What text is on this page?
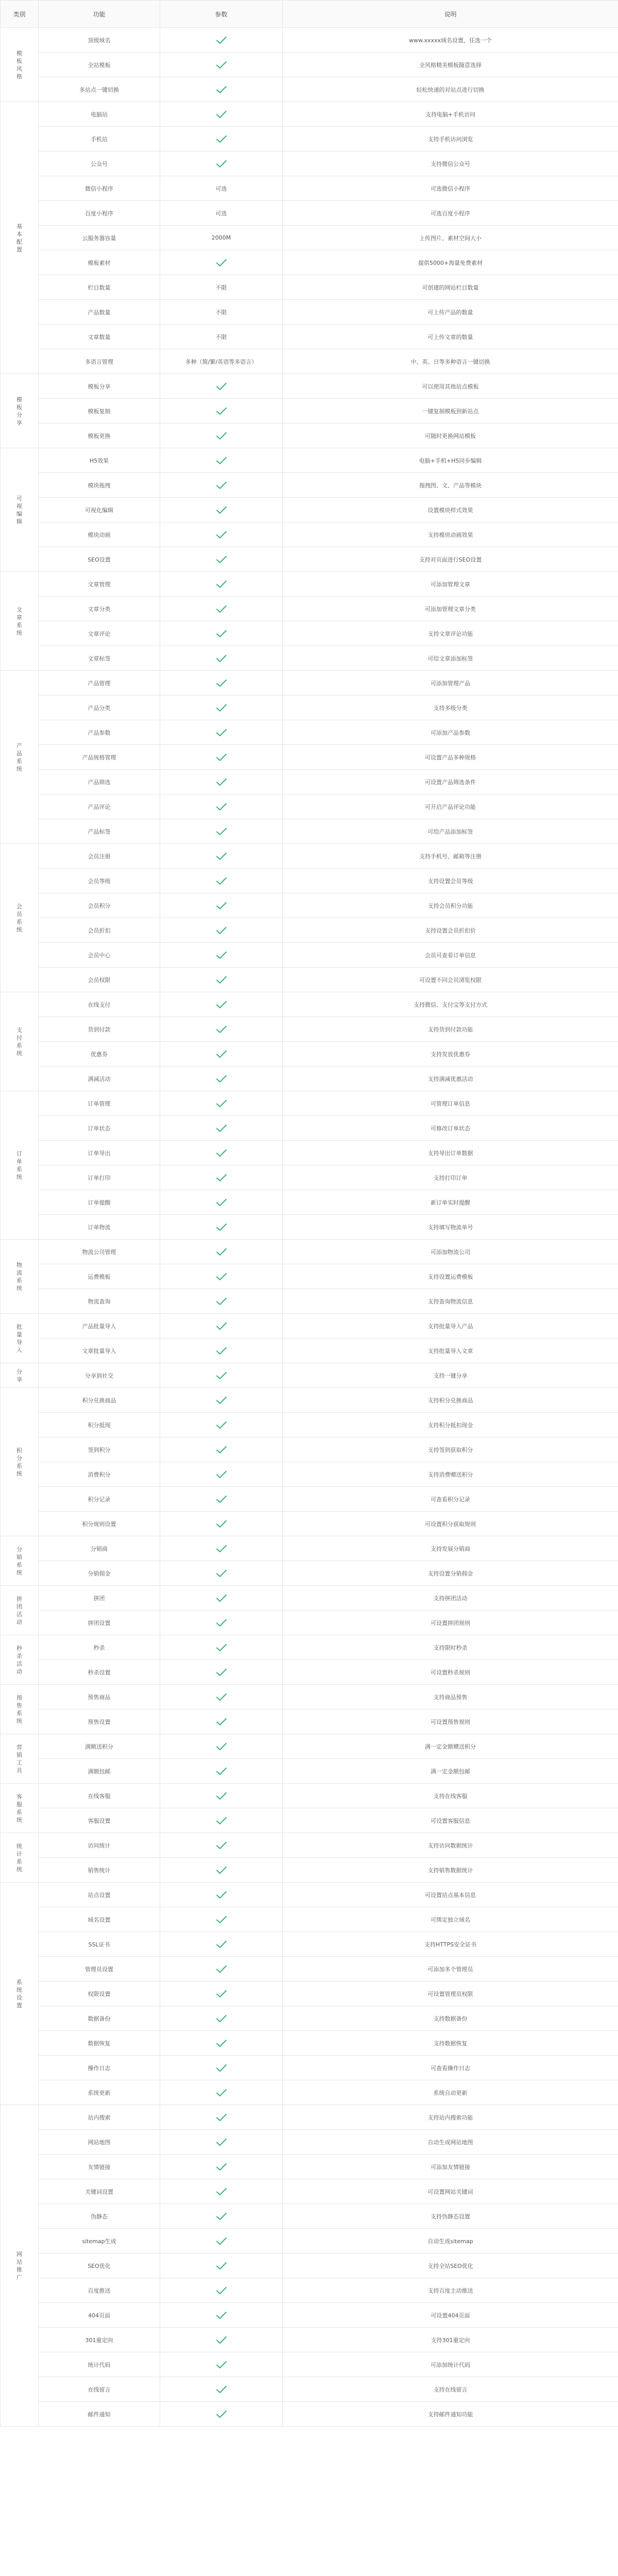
类别	功能	参数	说明
模板风格	顶级域名		www.xxxxx域名设置，任选一个
	全站模板		全风格精美模板随意选择
	多站点一键切换		轻松快速的对站点进行切换
基本配置	电脑站		支持电脑+手机访问
	手机站		支持手机访问浏览
	公众号		支持微信公众号
	微信小程序	可选	可选微信小程序
	百度小程序	可选	可选百度小程序
	云服务器容量	2000M	上传图片、素材空间大小
	模板素材		提供5000+海量免费素材
	栏目数量	不限	可创建的网站栏目数量
	产品数量	不限	可上传产品的数量
	文章数量	不限	可上传文章的数量
	多语言管理	多种（简/繁/英语等多语言）	中、英、日等多种语言一键切换
模板分享	模板分享		可以使用其他站点模板
	模板复制		一键复制模板到新站点
	模板更换		可随时更换网站模板
可视编辑	H5效果		电脑+手机+H5同步编辑
	模块拖拽		拖拽图、文、产品等模块
	可视化编辑		设置模块样式效果
	模块动画		支持模块动画效果
	SEO设置		支持对页面进行SEO设置
文章系统	文章管理		可添加管理文章
	文章分类		可添加管理文章分类
	文章评论		支持文章评论功能
	文章标签		可给文章添加标签
产品系统	产品管理		可添加管理产品
	产品分类		支持多级分类
	产品参数		可添加产品参数
	产品规格管理		可设置产品多种规格
	产品筛选		可设置产品筛选条件
	产品评论		可开启产品评论功能
	产品标签		可给产品添加标签
会员系统	会员注册		支持手机号、邮箱等注册
	会员等级		支持设置会员等级
	会员积分		支持会员积分功能
	会员折扣		支持设置会员折扣价
	会员中心		会员可查看订单信息
	会员权限		可设置不同会员浏览权限
支付系统	在线支付		支持微信、支付宝等支付方式
	货到付款		支持货到付款功能
	优惠券		支持发放优惠券
	满减活动		支持满减优惠活动
订单系统	订单管理		可管理订单信息
	订单状态		可修改订单状态
	订单导出		支持导出订单数据
	订单打印		支持打印订单
	订单提醒		新订单实时提醒
	订单物流		支持填写物流单号
物流系统	物流公司管理		可添加物流公司
	运费模板		支持设置运费模板
	物流查询		支持查询物流信息
批量导入	产品批量导入		支持批量导入产品
	文章批量导入		支持批量导入文章
分享	分享到社交		支持一键分享
积分系统	积分兑换商品		支持积分兑换商品
	积分抵现		支持积分抵扣现金
	签到积分		支持签到获取积分
	消费积分		支持消费赠送积分
	积分记录		可查看积分记录
	积分规则设置		可设置积分获取规则
分销系统	分销商		支持发展分销商
	分销佣金		支持设置分销佣金
拼团活动	拼团		支持拼团活动
	拼团设置		可设置拼团规则
秒杀活动	秒杀		支持限时秒杀
	秒杀设置		可设置秒杀规则
预售系统	预售商品		支持商品预售
	预售设置		可设置预售规则
营销工具	满额送积分		满一定金额赠送积分
	满额包邮		满一定金额包邮
客服系统	在线客服		支持在线客服
	客服设置		可设置客服信息
统计系统	访问统计		支持访问数据统计
	销售统计		支持销售数据统计
系统设置	站点设置		可设置站点基本信息
	域名设置		可绑定独立域名
	SSL证书		支持HTTPS安全证书
	管理员设置		可添加多个管理员
	权限设置		可设置管理员权限
	数据备份		支持数据备份
	数据恢复		支持数据恢复
	操作日志		可查看操作日志
	系统更新		系统自动更新
网站推广	站内搜索		支持站内搜索功能
	网站地图		自动生成网站地图
	友情链接		可添加友情链接
	关键词设置		可设置网站关键词
	伪静态		支持伪静态设置
	sitemap生成		自动生成sitemap
	SEO优化		支持全站SEO优化
	百度推送		支持百度主动推送
	404页面		可设置404页面
	301重定向		支持301重定向
	统计代码		可添加统计代码
	在线留言		支持在线留言
	邮件通知		支持邮件通知功能
